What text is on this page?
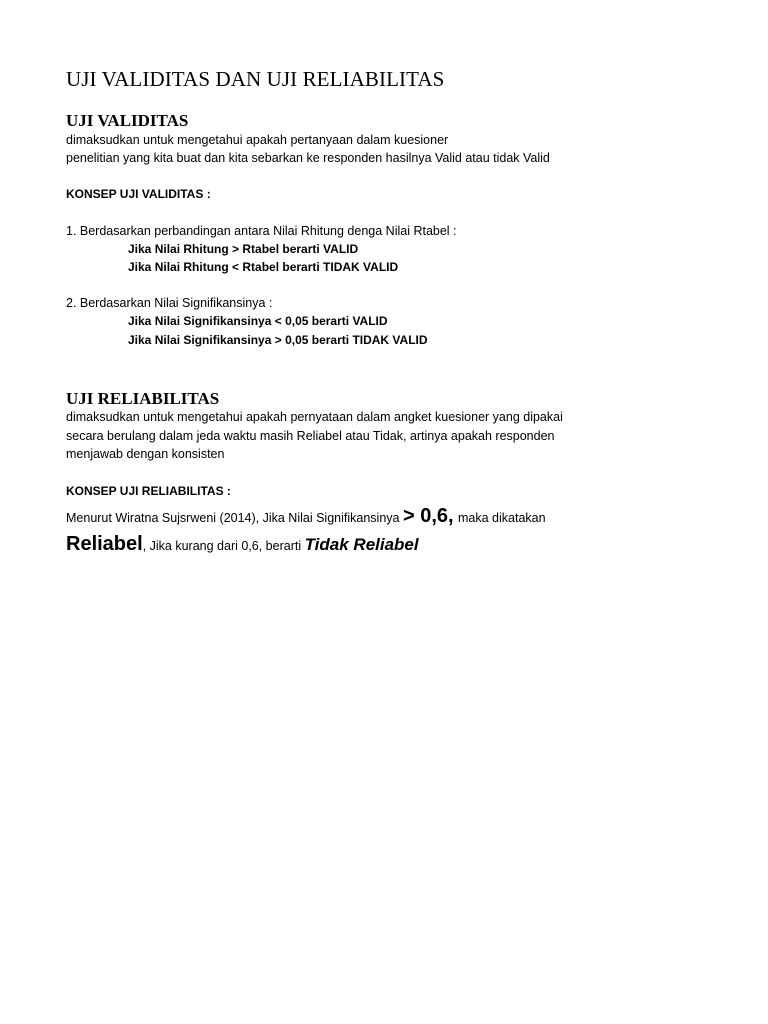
UJI VALIDITAS DAN UJI RELIABILITAS
UJI VALIDITAS
dimaksudkan untuk mengetahui apakah pertanyaan dalam kuesioner
penelitian yang kita buat dan kita sebarkan ke responden hasilnya Valid atau tidak Valid
KONSEP UJI VALIDITAS :
1. Berdasarkan perbandingan antara Nilai Rhitung denga Nilai Rtabel :
Jika Nilai Rhitung > Rtabel berarti VALID
Jika Nilai Rhitung < Rtabel berarti TIDAK VALID
2. Berdasarkan Nilai Signifikansinya :
Jika Nilai Signifikansinya < 0,05 berarti VALID
Jika Nilai Signifikansinya > 0,05 berarti TIDAK VALID
UJI RELIABILITAS
dimaksudkan untuk mengetahui apakah pernyataan dalam angket kuesioner yang dipakai
secara berulang dalam jeda waktu masih Reliabel atau Tidak, artinya apakah responden
menjawab dengan konsisten
KONSEP UJI RELIABILITAS :
Menurut Wiratna Sujsrweni (2014), Jika Nilai Signifikansinya > 0,6, maka dikatakan
Reliabel, Jika kurang dari 0,6, berarti Tidak Reliabel
